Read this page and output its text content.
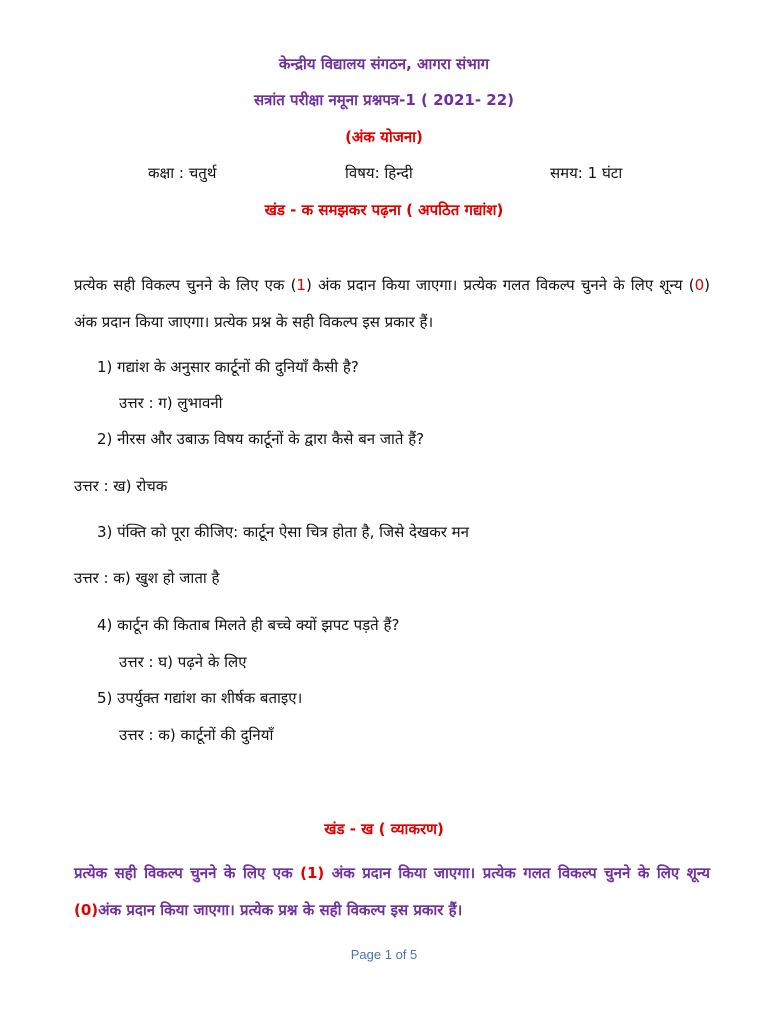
केन्द्रीय विद्यालय संगठन, आगरा संभाग
सत्रांत परीक्षा नमूना प्रश्नपत्र-1 ( 2021- 22)
(अंक योजना)
कक्षा : चतुर्थ	विषय: हिन्दी	समय: 1 घंटा
खंड - क समझकर पढ़ना ( अपठित गद्यांश)
प्रत्येक सही विकल्प चुनने के लिए एक (1) अंक प्रदान किया जाएगा। प्रत्येक गलत विकल्प चुनने के लिए शून्य (0) अंक प्रदान किया जाएगा। प्रत्येक प्रश्न के सही विकल्प इस प्रकार हैं।
1) गद्यांश के अनुसार कार्टूनों की दुनियाँ कैसी है?
उत्तर : ग) लुभावनी
2) नीरस और उबाऊ विषय कार्टूनों के द्वारा कैसे बन जाते हैं?
उत्तर : ख) रोचक
3) पंक्ति को पूरा कीजिए: कार्टून ऐसा चित्र होता है, जिसे देखकर मन
उत्तर : क) खुश हो जाता है
4) कार्टून की किताब मिलते ही बच्चे क्यों झपट पड़ते हैं?
उत्तर : घ) पढ़ने के लिए
5) उपर्युक्त गद्यांश का शीर्षक बताइए।
उत्तर : क) कार्टूनों की दुनियाँ
खंड - ख ( व्याकरण)
प्रत्येक सही विकल्प चुनने के लिए एक (1) अंक प्रदान किया जाएगा। प्रत्येक गलत विकल्प चुनने के लिए शून्य (0)अंक प्रदान किया जाएगा। प्रत्येक प्रश्न के सही विकल्प इस प्रकार हैं।
Page 1 of 5
